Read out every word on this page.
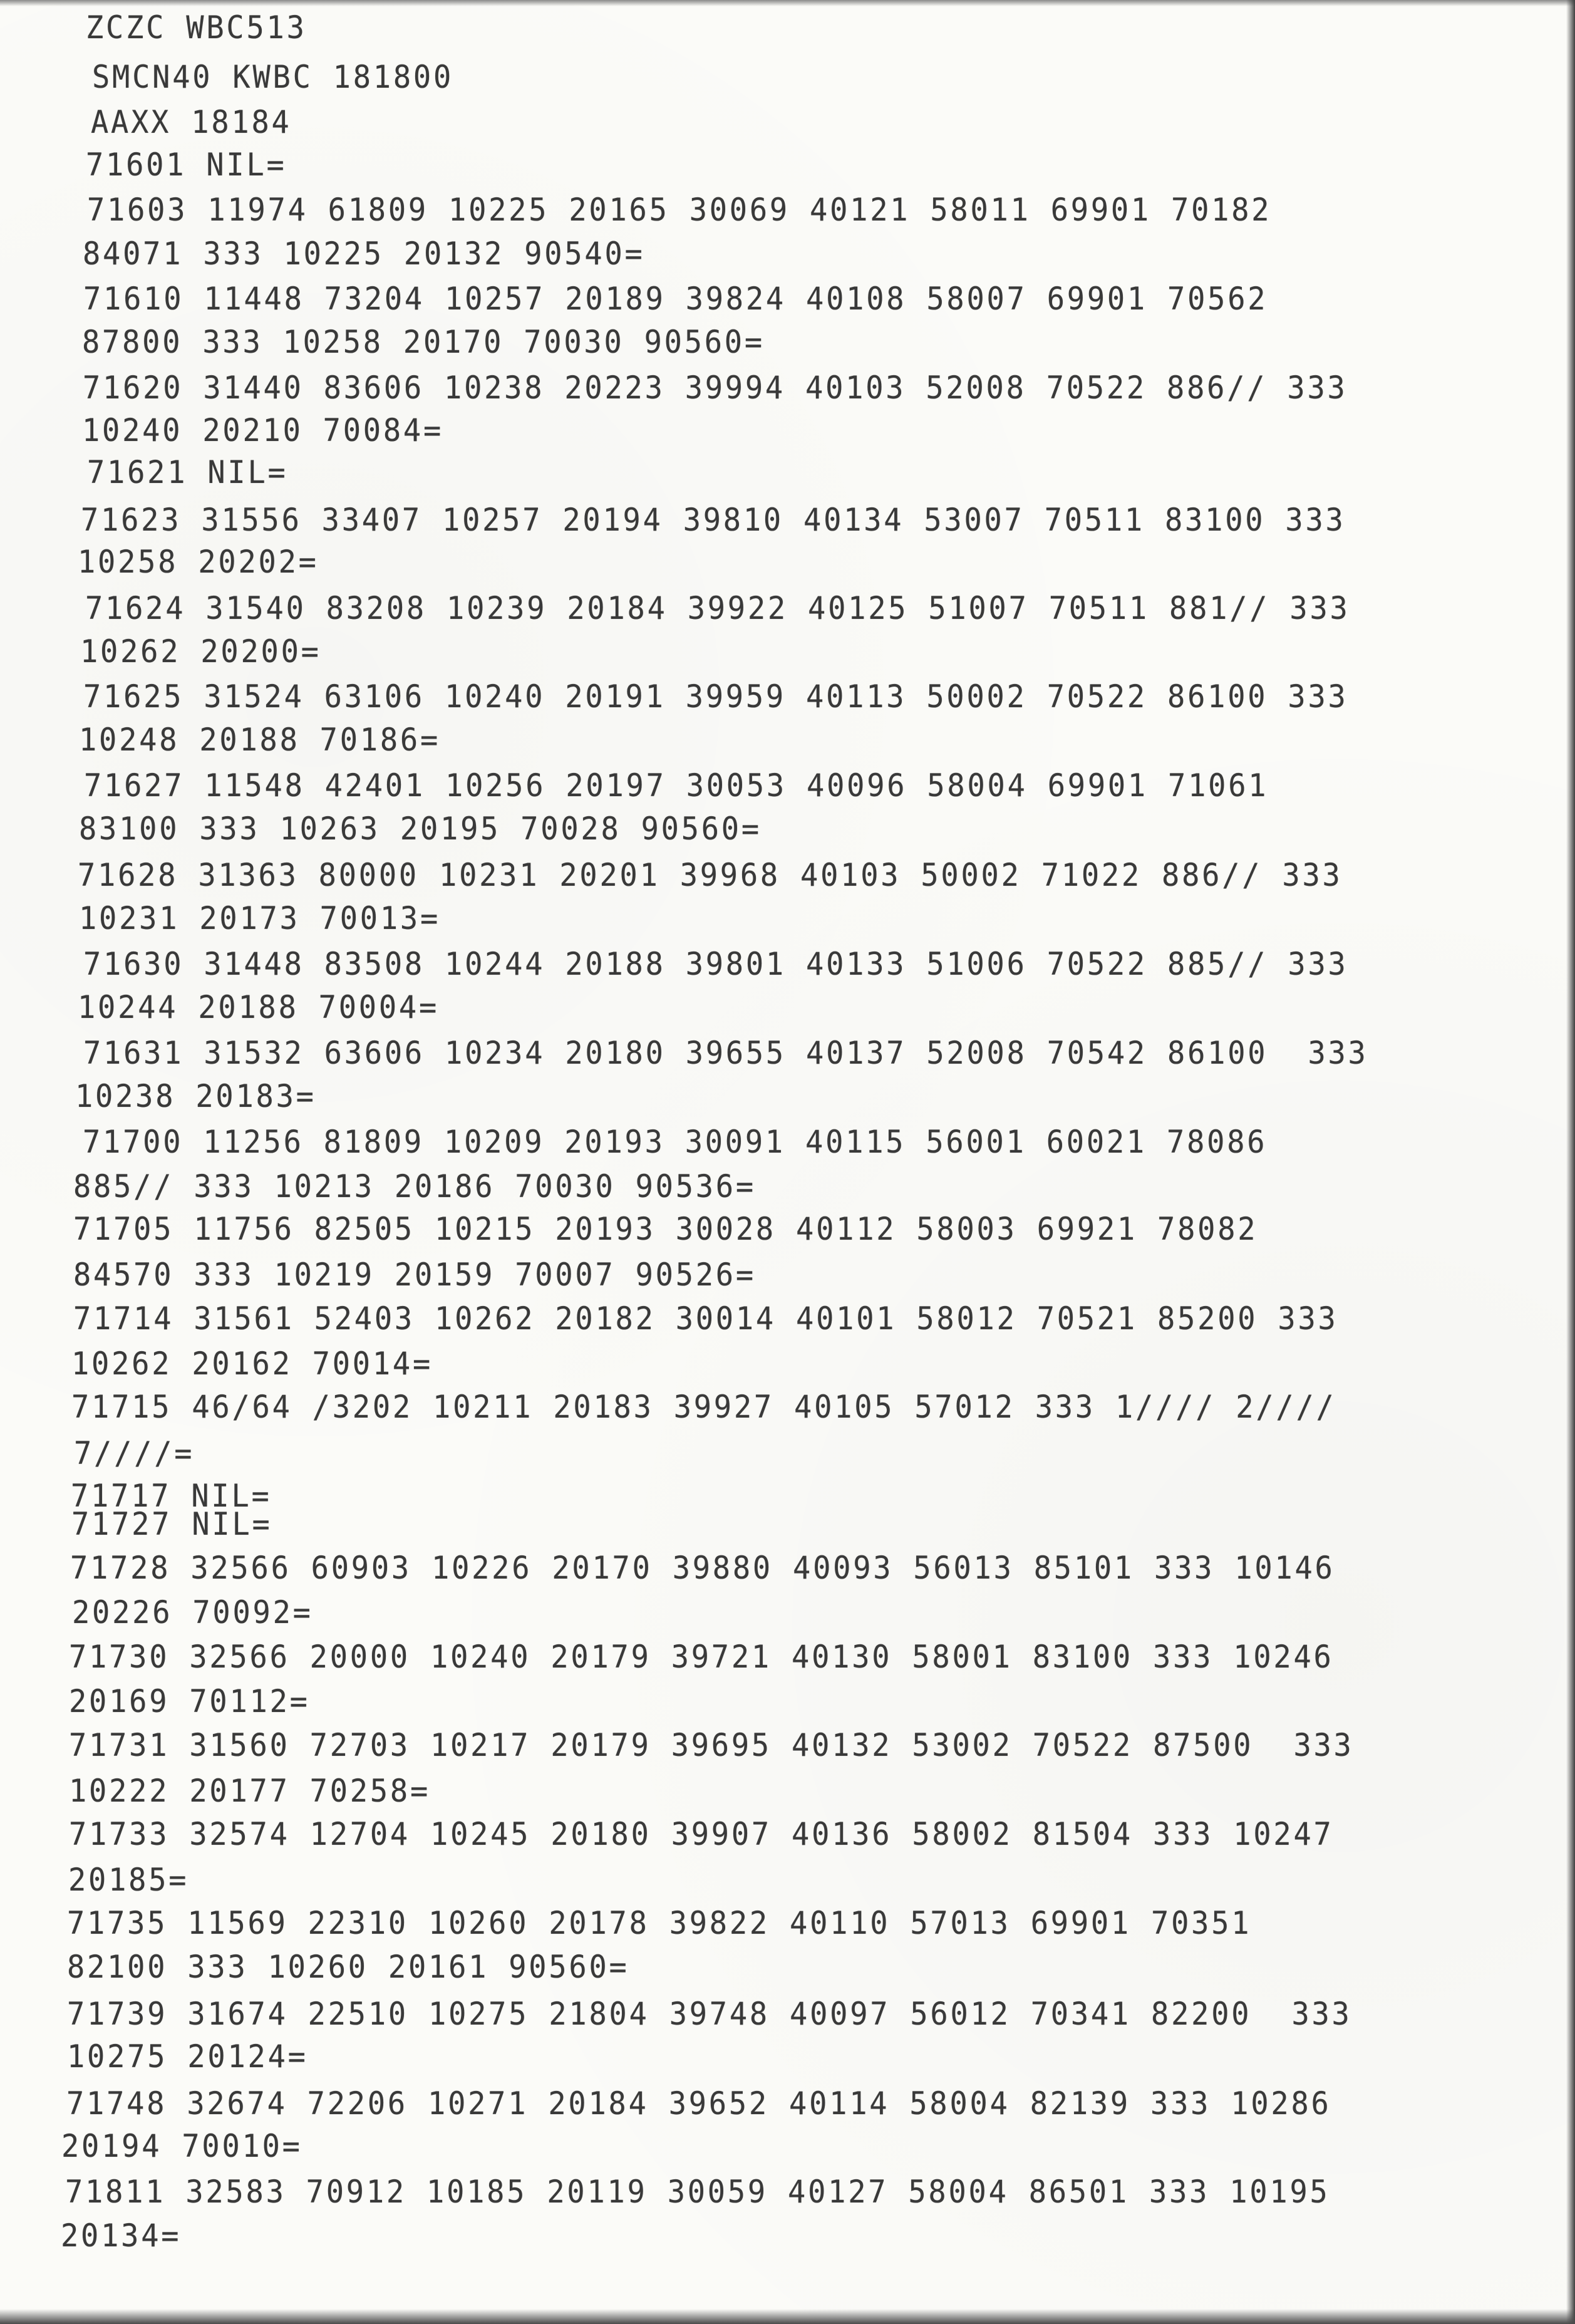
ZCZC WBC513
SMCN40 KWBC 181800
AAXX 18184
71601 NIL=
71603 11974 61809 10225 20165 30069 40121 58011 69901 70182
84071 333 10225 20132 90540=
71610 11448 73204 10257 20189 39824 40108 58007 69901 70562
87800 333 10258 20170 70030 90560=
71620 31440 83606 10238 20223 39994 40103 52008 70522 886// 333
10240 20210 70084=
71621 NIL=
71623 31556 33407 10257 20194 39810 40134 53007 70511 83100 333
10258 20202=
71624 31540 83208 10239 20184 39922 40125 51007 70511 881// 333
10262 20200=
71625 31524 63106 10240 20191 39959 40113 50002 70522 86100 333
10248 20188 70186=
71627 11548 42401 10256 20197 30053 40096 58004 69901 71061
83100 333 10263 20195 70028 90560=
71628 31363 80000 10231 20201 39968 40103 50002 71022 886// 333
10231 20173 70013=
71630 31448 83508 10244 20188 39801 40133 51006 70522 885// 333
10244 20188 70004=
71631 31532 63606 10234 20180 39655 40137 52008 70542 86100  333
10238 20183=
71700 11256 81809 10209 20193 30091 40115 56001 60021 78086
885// 333 10213 20186 70030 90536=
71705 11756 82505 10215 20193 30028 40112 58003 69921 78082
84570 333 10219 20159 70007 90526=
71714 31561 52403 10262 20182 30014 40101 58012 70521 85200 333
10262 20162 70014=
71715 46/64 /3202 10211 20183 39927 40105 57012 333 1//// 2////
7////=
71717 NIL=
71727 NIL=
71728 32566 60903 10226 20170 39880 40093 56013 85101 333 10146
20226 70092=
71730 32566 20000 10240 20179 39721 40130 58001 83100 333 10246
20169 70112=
71731 31560 72703 10217 20179 39695 40132 53002 70522 87500  333
10222 20177 70258=
71733 32574 12704 10245 20180 39907 40136 58002 81504 333 10247
20185=
71735 11569 22310 10260 20178 39822 40110 57013 69901 70351
82100 333 10260 20161 90560=
71739 31674 22510 10275 21804 39748 40097 56012 70341 82200  333
10275 20124=
71748 32674 72206 10271 20184 39652 40114 58004 82139 333 10286
20194 70010=
71811 32583 70912 10185 20119 30059 40127 58004 86501 333 10195
20134=
